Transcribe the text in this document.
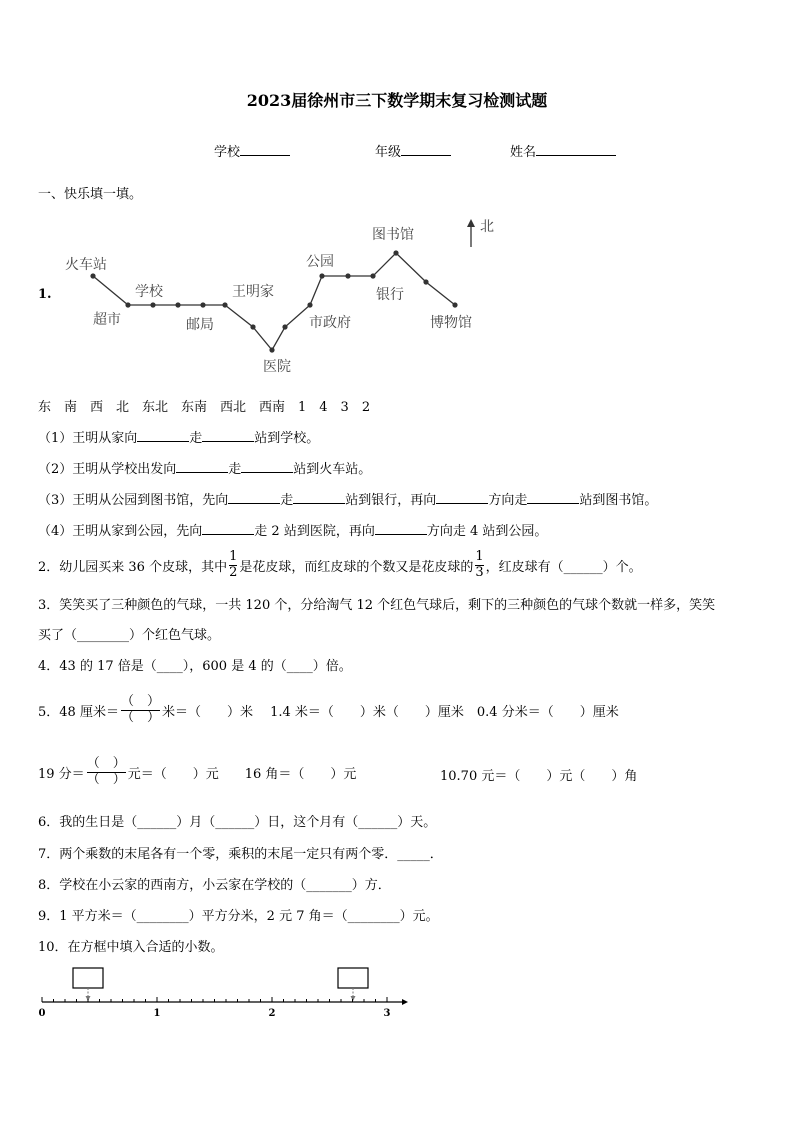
2023届徐州市三下数学期末复习检测试题
学校	年级	姓名
一、快乐填一填。
1.
火车站
超市
学校
邮局
王明家
医院
市政府
公园
图书馆
银行
博物馆
北
东　南　西　北　东北　东南　西北　西南　1　4　3　2
（1）王明从家向	走	站到学校。
（2）王明从学校出发向	走	站到火车站。
（3）王明从公园到图书馆，先向	走	站到银行，再向	方向走	站到图书馆。
（4）王明从家到公园，先向	走 2 站到医院，再向	方向走 4 站到公园。
2．幼儿园买来 36 个皮球，其中 $\frac{1}{2}$ 是花皮球，而红皮球的个数又是花皮球的 $\frac{1}{3}$ ，红皮球有（______）个。
3．笑笑买了三种颜色的气球，一共 120 个，分给淘气 12 个红色气球后，剩下的三种颜色的气球个数就一样多，笑笑
买了（________）个红色气球。
4．43 的 17 倍是（____），600 是 4 的（____）倍。
5．48 厘米＝ $\frac{( )}{( )}$ 米＝（　　）米　 1.4 米＝（　　）米（　　）厘米　0.4 分米＝（　　）厘米
19 分＝ $\frac{( )}{( )}$ 元＝（　　）元　　16 角＝（　　）元	10.70 元＝（　　）元（　　）角
6．我的生日是（______）月（______）日，这个月有（______）天。
7．两个乘数的末尾各有一个零，乘积的末尾一定只有两个零．_____．
8．学校在小云家的西南方，小云家在学校的（_______）方．
9．1 平方米＝（________）平方分米，2 元 7 角＝（________）元。
10．在方框中填入合适的小数。
0	1	2	3
